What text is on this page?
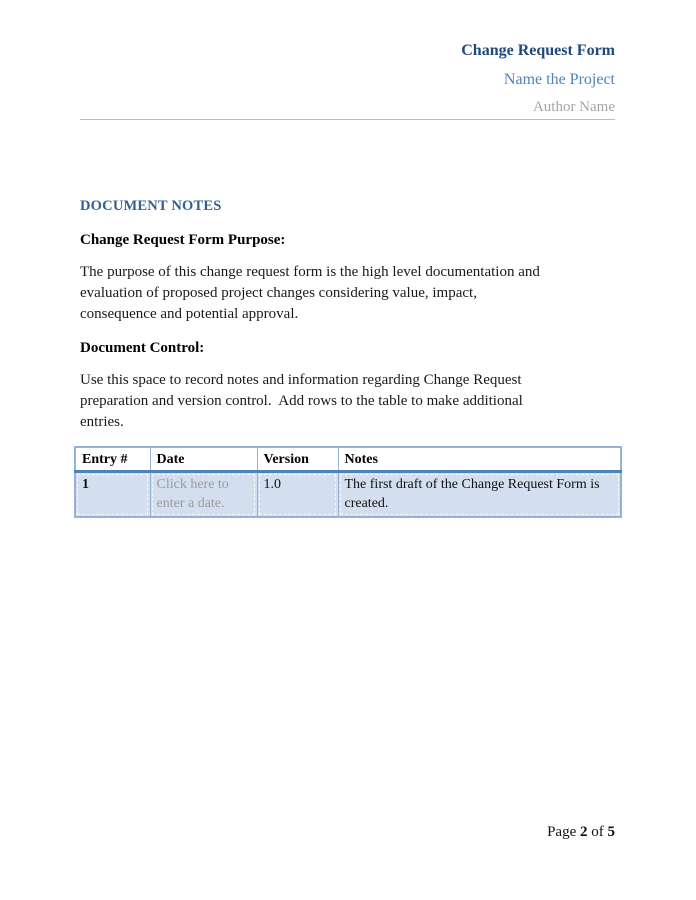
Change Request Form
Name the Project
Author Name
DOCUMENT NOTES
Change Request Form Purpose:

The purpose of this change request form is the high level documentation and
evaluation of proposed project changes considering value, impact,
consequence and potential approval.

Document Control:

Use this space to record notes and information regarding Change Request
preparation and version control.  Add rows to the table to make additional
entries.

Entry #	Date	Version	Notes
1	Click here to enter a date.	1.0	The first draft of the Change Request Form is created.
Page 2 of 5
